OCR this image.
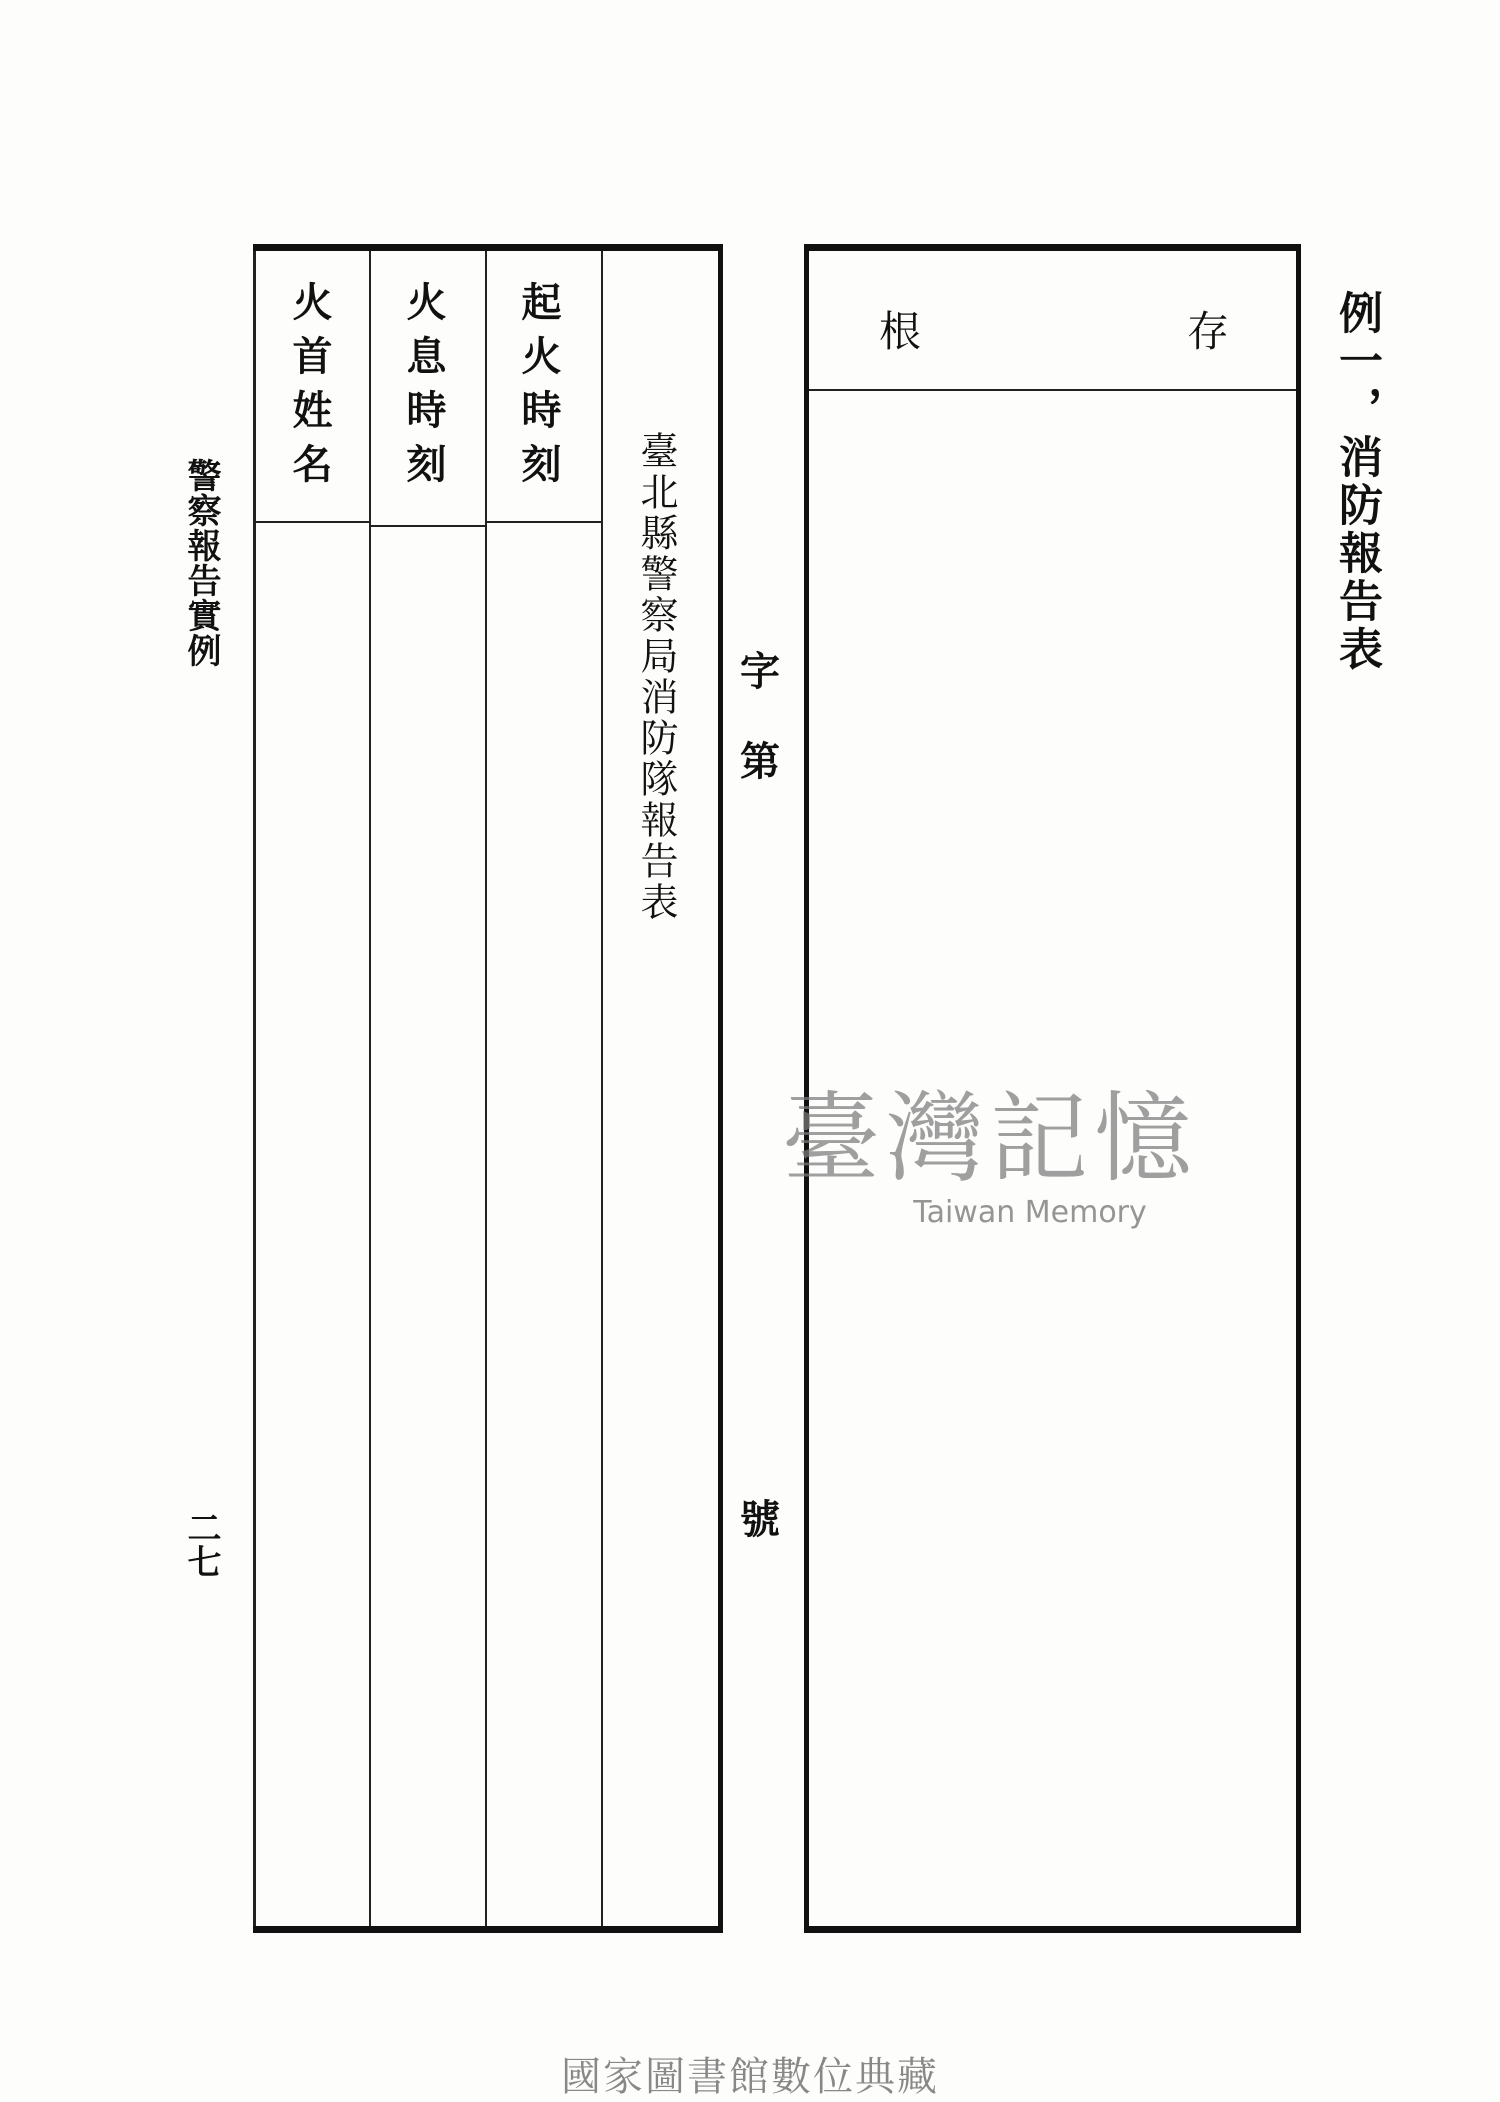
警察報告實例
二七
起火時刻
火息時刻
火首姓名
臺北縣警察局消防隊報告表 字
第
號
存
根	例一，消防報告表
臺灣記憶
Taiwan Memory
國家圖書館數位典藏
